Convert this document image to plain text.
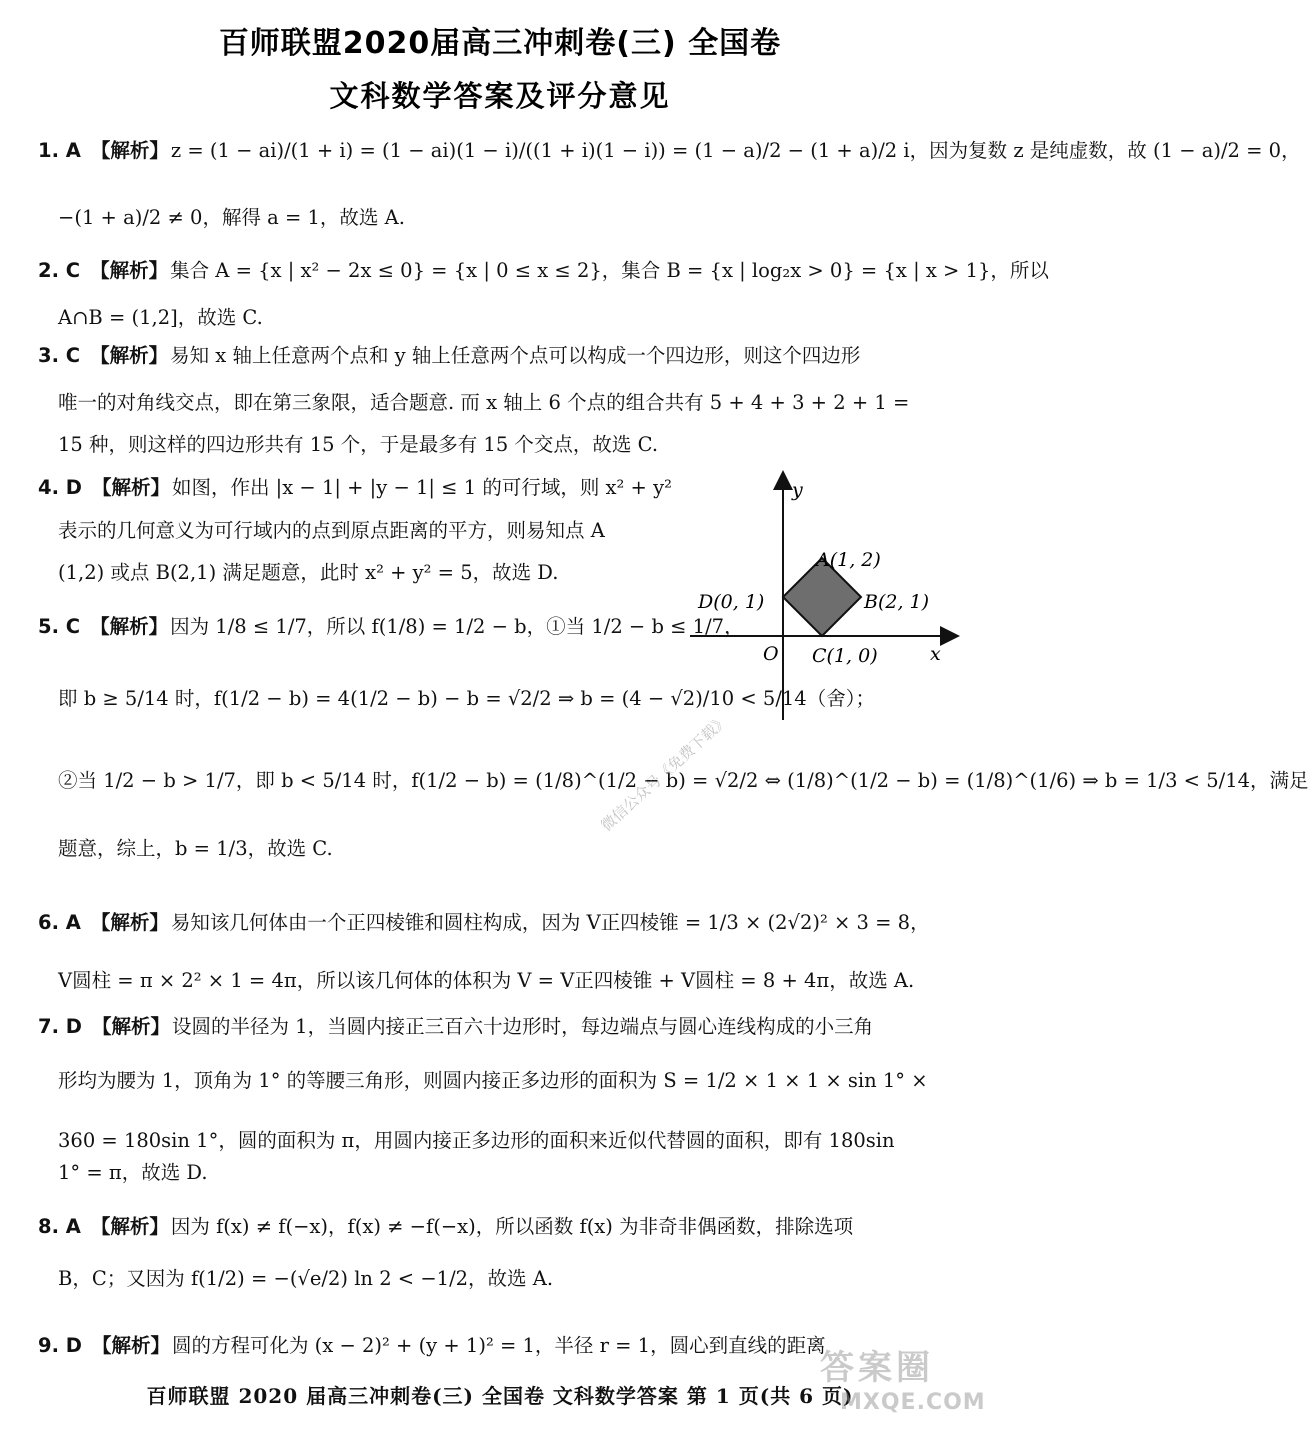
百师联盟2020届高三冲刺卷(三) 全国卷
文科数学答案及评分意见
1. A 【解析】 z = (1 − ai)/(1 + i) = (1 − ai)(1 − i)/((1 + i)(1 − i)) = (1 − a)/2 − (1 + a)/2 i，因为复数 z 是纯虚数，故 (1 − a)/2 = 0，
−(1 + a)/2 ≠ 0，解得 a = 1，故选 A.
2. C 【解析】 集合 A = {x | x² − 2x ≤ 0} = {x | 0 ≤ x ≤ 2}，集合 B = {x | log₂x > 0} = {x | x > 1}，所以
A∩B = (1,2]，故选 C.
3. C 【解析】 易知 x 轴上任意两个点和 y 轴上任意两个点可以构成一个四边形，则这个四边形
唯一的对角线交点，即在第三象限，适合题意. 而 x 轴上 6 个点的组合共有 5 + 4 + 3 + 2 + 1 =
15 种，则这样的四边形共有 15 个，于是最多有 15 个交点，故选 C.
4. D 【解析】 如图，作出 |x − 1| + |y − 1| ≤ 1 的可行域，则 x² + y²
表示的几何意义为可行域内的点到原点距离的平方，则易知点 A
(1,2) 或点 B(2,1) 满足题意，此时 x² + y² = 5，故选 D.
5. C 【解析】 因为 1/8 ≤ 1/7，所以 f(1/8) = 1/2 − b，①当 1/2 − b ≤ 1/7，
即 b ≥ 5/14 时，f(1/2 − b) = 4(1/2 − b) − b = √2/2 ⇒ b = (4 − √2)/10 < 5/14（舍）；
②当 1/2 − b > 1/7，即 b < 5/14 时，f(1/2 − b) = (1/8)^(1/2 − b) = √2/2 ⇔ (1/8)^(1/2 − b) = (1/8)^(1/6) ⇒ b = 1/3 < 5/14，满足
题意，综上，b = 1/3，故选 C.
6. A 【解析】 易知该几何体由一个正四棱锥和圆柱构成，因为 V正四棱锥 = 1/3 × (2√2)² × 3 = 8，
V圆柱 = π × 2² × 1 = 4π，所以该几何体的体积为 V = V正四棱锥 + V圆柱 = 8 + 4π，故选 A.
7. D 【解析】 设圆的半径为 1，当圆内接正三百六十边形时，每边端点与圆心连线构成的小三角
形均为腰为 1，顶角为 1° 的等腰三角形，则圆内接正多边形的面积为 S = 1/2 × 1 × 1 × sin 1° ×
360 = 180sin 1°，圆的面积为 π，用圆内接正多边形的面积来近似代替圆的面积，即有 180sin
1° = π，故选 D.
8. A 【解析】 因为 f(x) ≠ f(−x)，f(x) ≠ −f(−x)，所以函数 f(x) 为非奇非偶函数，排除选项
B，C；又因为 f(1/2) = −(√e/2) ln 2 < −1/2，故选 A.
9. D 【解析】 圆的方程可化为 (x − 2)² + (y + 1)² = 1，半径 r = 1，圆心到直线的距离
y
x
O
A(1, 2)
B(2, 1)
C(1, 0)
D(0, 1)
微信公众号《免费下载》
百师联盟 2020 届高三冲刺卷(三) 全国卷 文科数学答案 第 1 页(共 6 页)
答案圈
MXQE.COM
